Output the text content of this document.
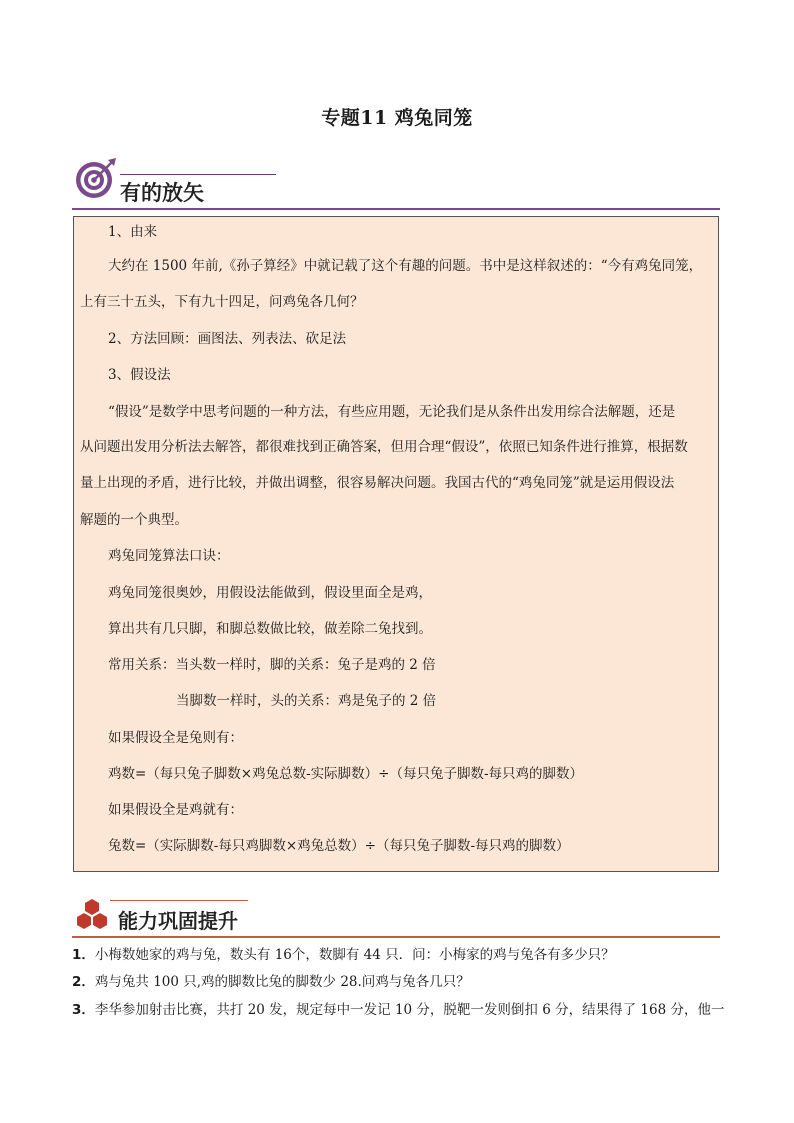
专题11 鸡兔同笼
有的放矢

1、由来

大约在 1500 年前,《孙子算经》中就记载了这个有趣的问题。书中是这样叙述的：“今有鸡兔同笼，

上有三十五头，下有九十四足，问鸡兔各几何？

2、方法回顾：画图法、列表法、砍足法

3、假设法

“假设”是数学中思考问题的一种方法，有些应用题，无论我们是从条件出发用综合法解题，还是

从问题出发用分析法去解答，都很难找到正确答案，但用合理“假设”，依照已知条件进行推算，根据数

量上出现的矛盾，进行比较，并做出调整，很容易解决问题。我国古代的“鸡兔同笼”就是运用假设法

解题的一个典型。

鸡兔同笼算法口诀：

鸡兔同笼很奥妙，用假设法能做到，假设里面全是鸡，

算出共有几只脚，和脚总数做比较，做差除二兔找到。

常用关系：当头数一样时，脚的关系：兔子是鸡的 2 倍

当脚数一样时，头的关系：鸡是兔子的 2 倍

如果假设全是兔则有：

鸡数=（每只兔子脚数×鸡兔总数-实际脚数）÷（每只兔子脚数-每只鸡的脚数）

如果假设全是鸡就有：

兔数=（实际脚数-每只鸡脚数×鸡兔总数）÷（每只兔子脚数-每只鸡的脚数）

能力巩固提升

1．小梅数她家的鸡与兔，数头有 16个，数脚有 44 只．问：小梅家的鸡与兔各有多少只？

2．鸡与兔共 100 只,鸡的脚数比兔的脚数少 28.问鸡与兔各几只？

3．李华参加射击比赛，共打 20 发，规定每中一发记 10 分，脱靶一发则倒扣 6 分，结果得了 168 分，他一
